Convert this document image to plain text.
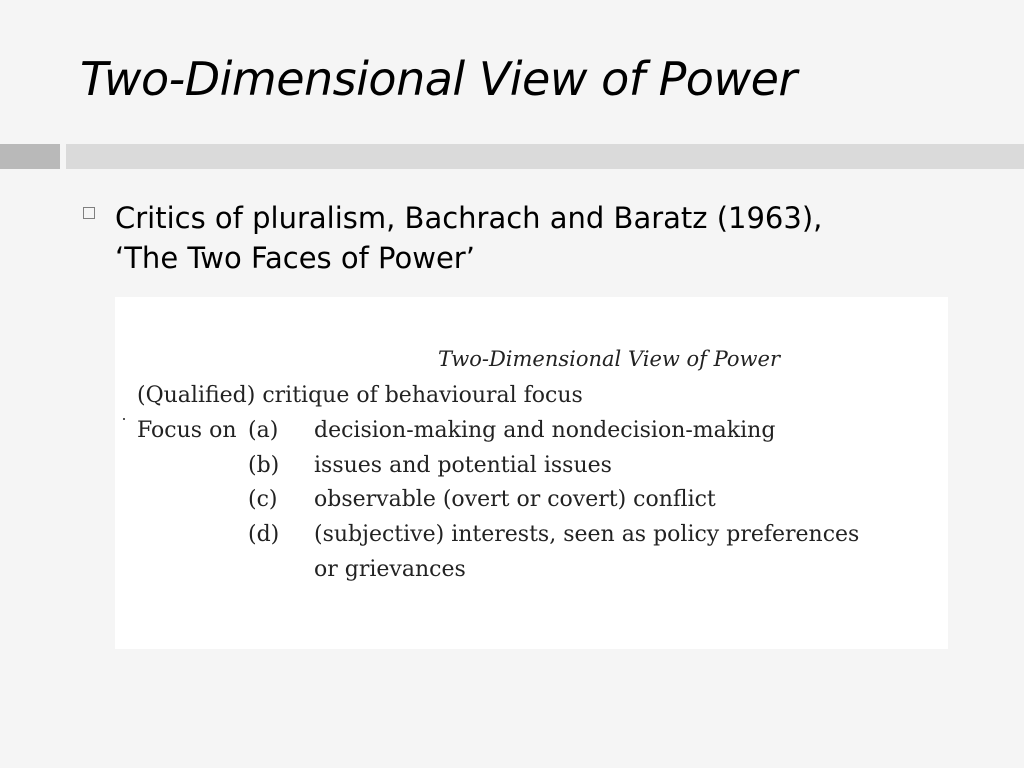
Two-Dimensional View of Power
Critics of pluralism, Bachrach and Baratz (1963),
‘The Two Faces of Power’
Two-Dimensional View of Power
(Qualified) critique of behavioural focus
Focus on (a) decision-making and nondecision-making
(b) issues and potential issues
(c) observable (overt or covert) conflict
(d) (subjective) interests, seen as policy preferences
or grievances
